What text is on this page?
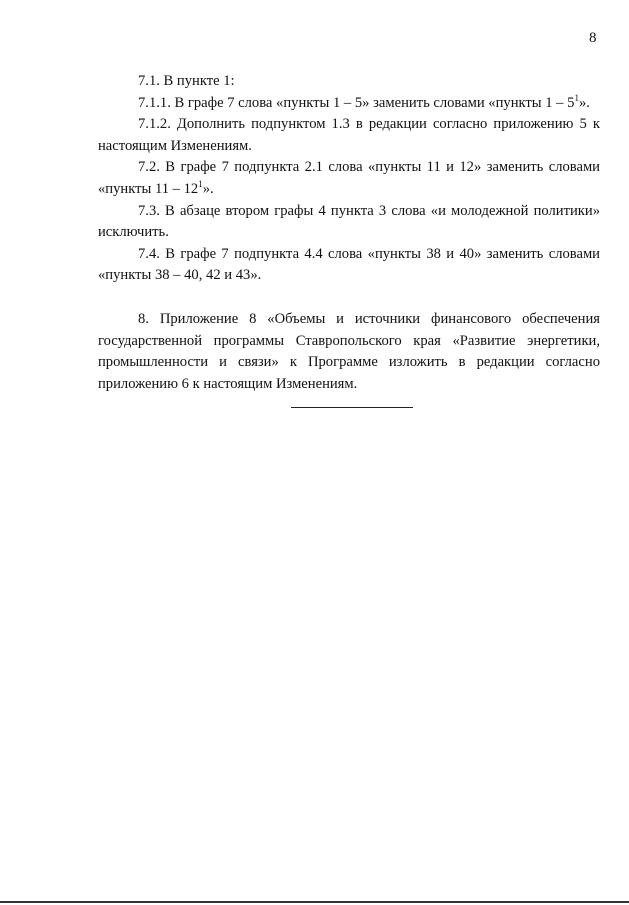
8

7.1. В пункте 1:

7.1.1. В графе 7 слова «пункты 1 – 5» заменить словами «пункты $1 - 5^1$».

7.1.2. Дополнить подпунктом 1.3 в редакции согласно приложению 5 к настоящим Изменениям.

7.2. В графе 7 подпункта 2.1 слова «пункты 11 и 12» заменить словами «пункты $11 - 12^1$».

7.3. В абзаце втором графы 4 пункта 3 слова «и молодежной политики» исключить.

7.4. В графе 7 подпункта 4.4 слова «пункты 38 и 40» заменить словами «пункты 38 – 40, 42 и 43».

8. Приложение 8 «Объемы и источники финансового обеспечения государственной программы Ставропольского края «Развитие энергетики, промышленности и связи» к Программе изложить в редакции согласно приложению 6 к настоящим Изменениям.
